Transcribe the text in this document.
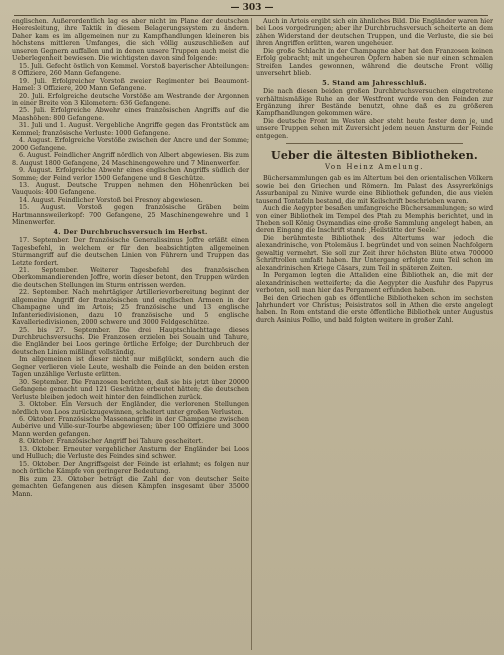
— 303 —

englischen. Außerordentlich lag es aber nicht im Plane der deutschen Heeresleitung, ihre Taktik in diesem Belagerungssystem zu ändern. Daher kam es im allgemeinen nur zu Kampfhandlungen kleineren bis höchstens mittleren Umfanges, die sich völlig auszuschließen auf unseren Gegnern auffallen und in denen unsere Truppen auch meist die Ueberlegenheit bewiesen. Die wichtigsten davon sind folgende:

15. Juli. Gefecht östlich von Kemmel. Vorstoß bayerischer Abteilungen: 8 Offiziere, 260 Mann Gefangene.

19. Juli. Erfolgreicher Vorstoß zweier Regimenter bei Beaumont-Hamel: 3 Offiziere, 200 Mann Gefangene.

20. Juli. Erfolgreiche deutsche Vorstöße am Westrande der Argonnen in einer Breite von 3 Kilometern: 636 Gefangene.

25. Juli. Erfolgreiche Abwehr eines französischen Angriffs auf die Maashöhen: 800 Gefangene.

31. Juli und 1. August. Vergebliche Angriffe gegen das Frontstück am Kemmel; französische Verluste: 1000 Gefangene.

4. August. Erfolgreiche Vorstöße zwischen der Ancre und der Somme; 2000 Gefangene.

6. August. Feindlicher Angriff nördlich von Albert abgewiesen. Bis zum 8. August 1800 Gefangene, 24 Maschinengewehre und 7 Minenwerfer.

9. August. Erfolgreiche Abwehr eines englischen Angriffs südlich der Somme; der Feind verlor 1500 Gefangene und 8 Geschütze.

13. August. Deutsche Truppen nehmen den Höhenrücken bei Vauquois: 400 Gefangene.

14. August. Feindlicher Vorstoß bei Fresnoy abgewiesen.

15. August. Vorstoß gegen französische Gräben beim Hartmannsweilerkopf: 700 Gefangene, 25 Maschinengewehre und 1 Minenwerfer.

4. Der Durchbruchsversuch im Herbst.

17. September. Der französische Generalissimus Joffre erläßt einen Tagesbefehl, in welchem er für den beabsichtigten allgemeinen Sturmangriff auf die deutschen Linien von Führern und Truppen das Letzte fordert.

21. September. Weiterer Tagesbefehl des französischen Oberkommandierenden Joffre, worin dieser betont, den Truppen würden die deutschen Stellungen im Sturm entrissen werden.

22. September. Nach mehrtägiger Artillerievorbereitung beginnt der allgemeine Angriff der französischen und englischen Armeen in der Champagne und im Artois; 25 französische und 13 englische Infanteriedivisionen, dazu 10 französische und 5 englische Kavalleriedivisionen, 2000 schwere und 3000 Feldgeschütze.

25. bis 27. September. Die drei Hauptschlachttage dieses Durchbruchsversuchs. Die Franzosen erzielen bei Souain und Tahure, die Engländer bei Loos geringe örtliche Erfolge; der Durchbruch der deutschen Linien mißlingt vollständig.

Im allgemeinen ist dieser nicht nur mißglückt, sondern auch die Gegner verlieren viele Leute, weshalb die Feinde an den beiden ersten Tagen unzählige Verluste erlitten.

30. September. Die Franzosen berichten, daß sie bis jetzt über 20000 Gefangene gemacht und 121 Geschütze erbeutet hätten; die deutschen Verluste bleiben jedoch weit hinter den feindlichen zurück.

3. Oktober. Ein Versuch der Engländer, die verlorenen Stellungen nördlich von Loos zurückzugewinnen, scheitert unter großen Verlusten.

6. Oktober. Französische Massenangriffe in der Champagne zwischen Aubérive und Ville-sur-Tourbe abgewiesen; über 100 Offiziere und 3000 Mann werden gefangen.

8. Oktober. Französischer Angriff bei Tahure gescheitert.

13. Oktober. Erneuter vergeblicher Ansturm der Engländer bei Loos und Hulluch; die Verluste des Feindes sind schwer.

15. Oktober. Der Angriffsgeist der Feinde ist erlahmt; es folgen nur noch örtliche Kämpfe von geringerer Bedeutung.

Bis zum 23. Oktober beträgt die Zahl der von deutscher Seite gemachten Gefangenen aus diesen Kämpfen insgesamt über 35000 Mann.

Auch in Artois ergibt sich ein ähnliches Bild. Die Engländer waren hier bei Loos vorgedrungen; aber ihr Durchbruchsversuch scheiterte an dem zähen Widerstand der deutschen Truppen, und die Verluste, die sie bei ihren Angriffen erlitten, waren ungeheuer.

Die große Schlacht in der Champagne aber hat den Franzosen keinen Erfolg gebracht; mit ungeheuren Opfern haben sie nur einen schmalen Streifen Landes gewonnen, während die deutsche Front völlig unversehrt blieb.

5. Stand am Jahresschluß.

Die nach diesen beiden großen Durchbruchsversuchen eingetretene verhältnismäßige Ruhe an der Westfront wurde von den Feinden zur Ergänzung ihrer Bestände benutzt, ohne daß es zu größeren Kampfhandlungen gekommen wäre.

Die deutsche Front im Westen aber steht heute fester denn je, und unsere Truppen sehen mit Zuversicht jedem neuen Ansturm der Feinde entgegen.

Ueber die ältesten Bibliotheken.
Von Heinz Amelung.

Büchersammlungen gab es im Altertum bei den orientalischen Völkern sowie bei den Griechen und Römern. Im Palast des Assyrerkönigs Assurbanipal zu Ninive wurde eine Bibliothek gefunden, die aus vielen tausend Tontafeln bestand, die mit Keilschrift beschrieben waren.

Auch die Aegypter besaßen umfangreiche Büchersammlungen; so wird von einer Bibliothek im Tempel des Ptah zu Memphis berichtet, und in Theben soll König Osymandias eine große Sammlung angelegt haben, an deren Eingang die Inschrift stand: ‚Heilstätte der Seele.'

Die berühmteste Bibliothek des Altertums war jedoch die alexandrinische, von Ptolemäus I. begründet und von seinen Nachfolgern gewaltig vermehrt. Sie soll zur Zeit ihrer höchsten Blüte etwa 700000 Schriftrollen umfaßt haben. Ihr Untergang erfolgte zum Teil schon im alexandrinischen Kriege Cäsars, zum Teil in späteren Zeiten.

In Pergamon legten die Attaliden eine Bibliothek an, die mit der alexandrinischen wetteiferte; da die Aegypter die Ausfuhr des Papyrus verboten, soll man hier das Pergament erfunden haben.

Bei den Griechen gab es öffentliche Bibliotheken schon im sechsten Jahrhundert vor Christus; Peisistratos soll in Athen die erste angelegt haben. In Rom entstand die erste öffentliche Bibliothek unter Augustus durch Asinius Pollio, und bald folgten weitere in großer Zahl.
